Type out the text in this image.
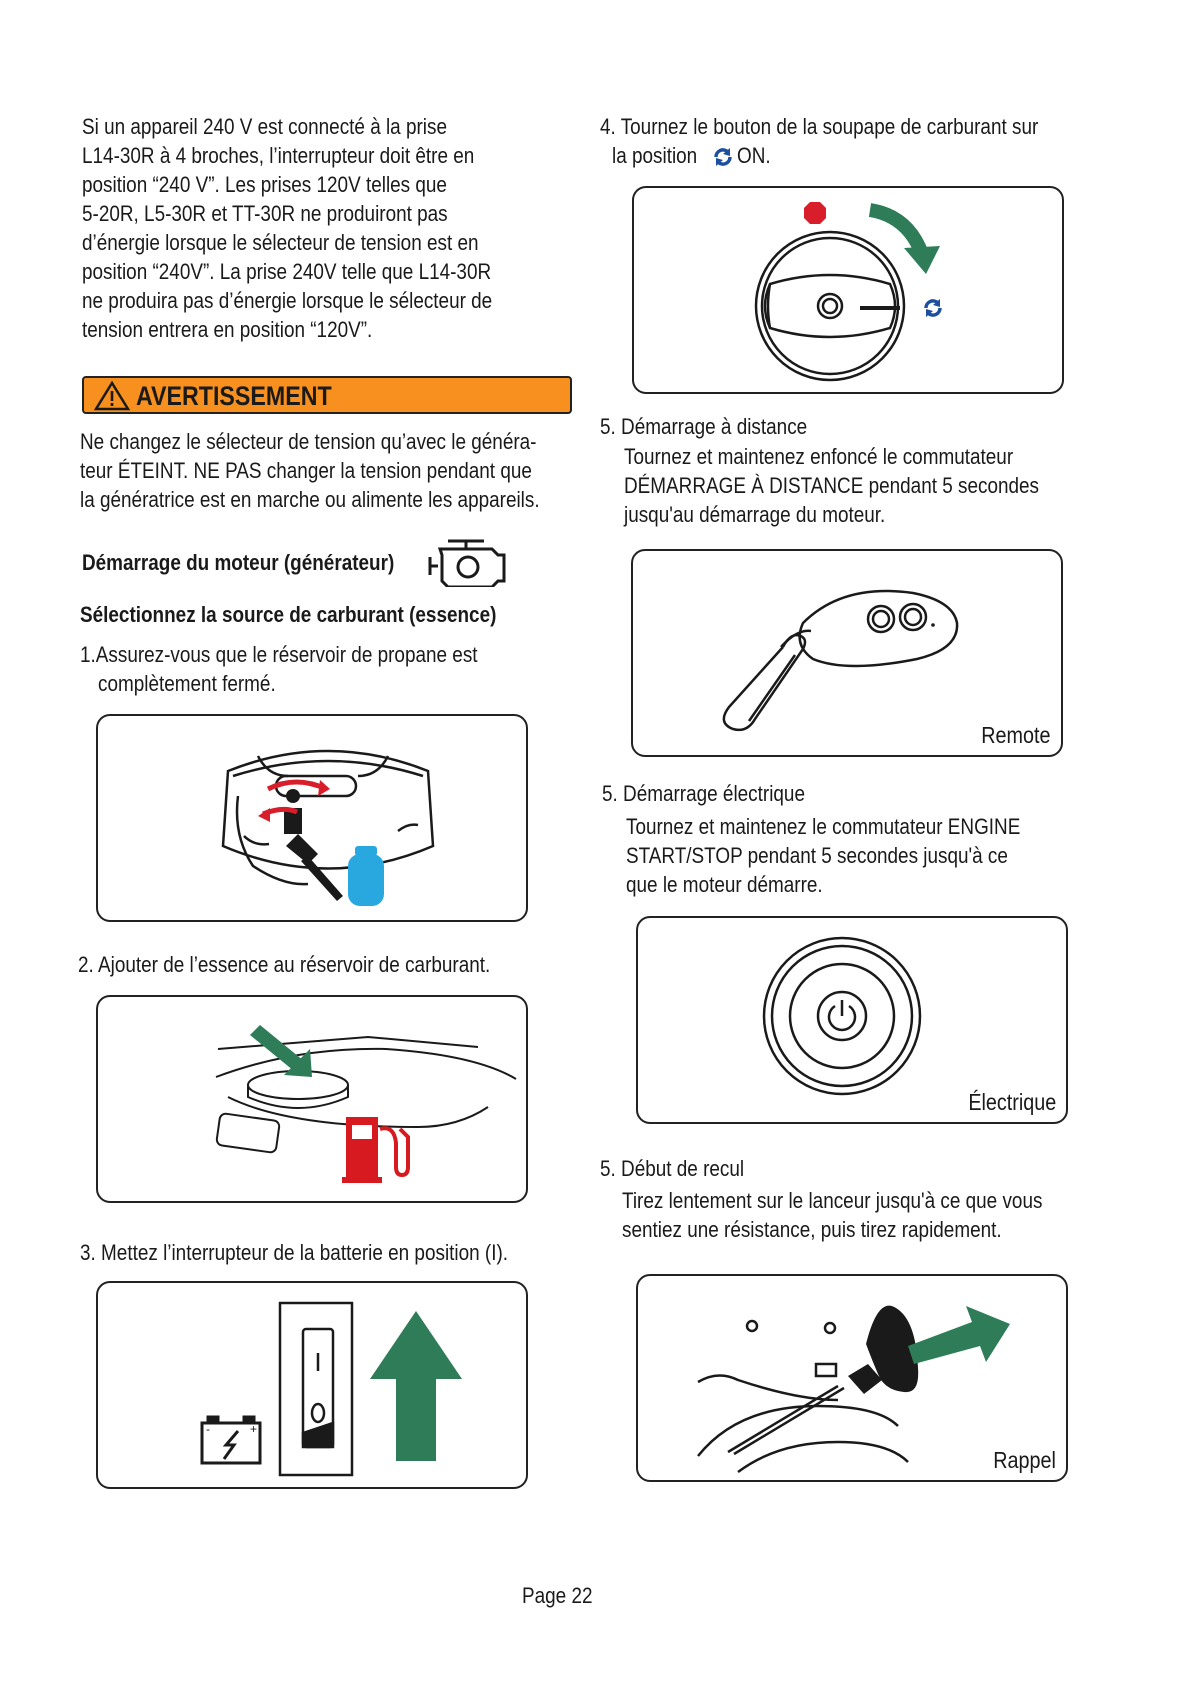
Si un appareil 240 V est connecté à la prise
L14-30R à 4 broches, l’interrupteur doit être en
position “240 V”. Les prises 120V telles que
5-20R, L5-30R et TT-30R ne produiront pas
d’énergie lorsque le sélecteur de tension est en
position “240V”. La prise 240V telle que L14-30R
ne produira pas d’énergie lorsque le sélecteur de
tension entrera en position “120V”.
AVERTISSEMENT
Ne changez le sélecteur de tension qu’avec le généra-
teur ÉTEINT. NE PAS changer la tension pendant que
la génératrice est en marche ou alimente les appareils.
Démarrage du moteur (générateur)
Sélectionnez la source de carburant (essence)
1.Assurez-vous que le réservoir de propane est
complètement fermé.
2. Ajouter de l’essence au réservoir de carburant.
3. Mettez l’interrupteur de la batterie en position (I).
-	+
4. Tournez le bouton de la soupape de carburant sur
la position ON.
5. Démarrage à distance
Tournez et maintenez enfoncé le commutateur
DÉMARRAGE À DISTANCE pendant 5 secondes
jusqu'au démarrage du moteur.
Remote
5. Démarrage électrique
Tournez et maintenez le commutateur ENGINE
START/STOP pendant 5 secondes jusqu'à ce
que le moteur démarre.
Électrique
5. Début de recul
Tirez lentement sur le lanceur jusqu'à ce que vous
sentiez une résistance, puis tirez rapidement.
Rappel
Page 22
